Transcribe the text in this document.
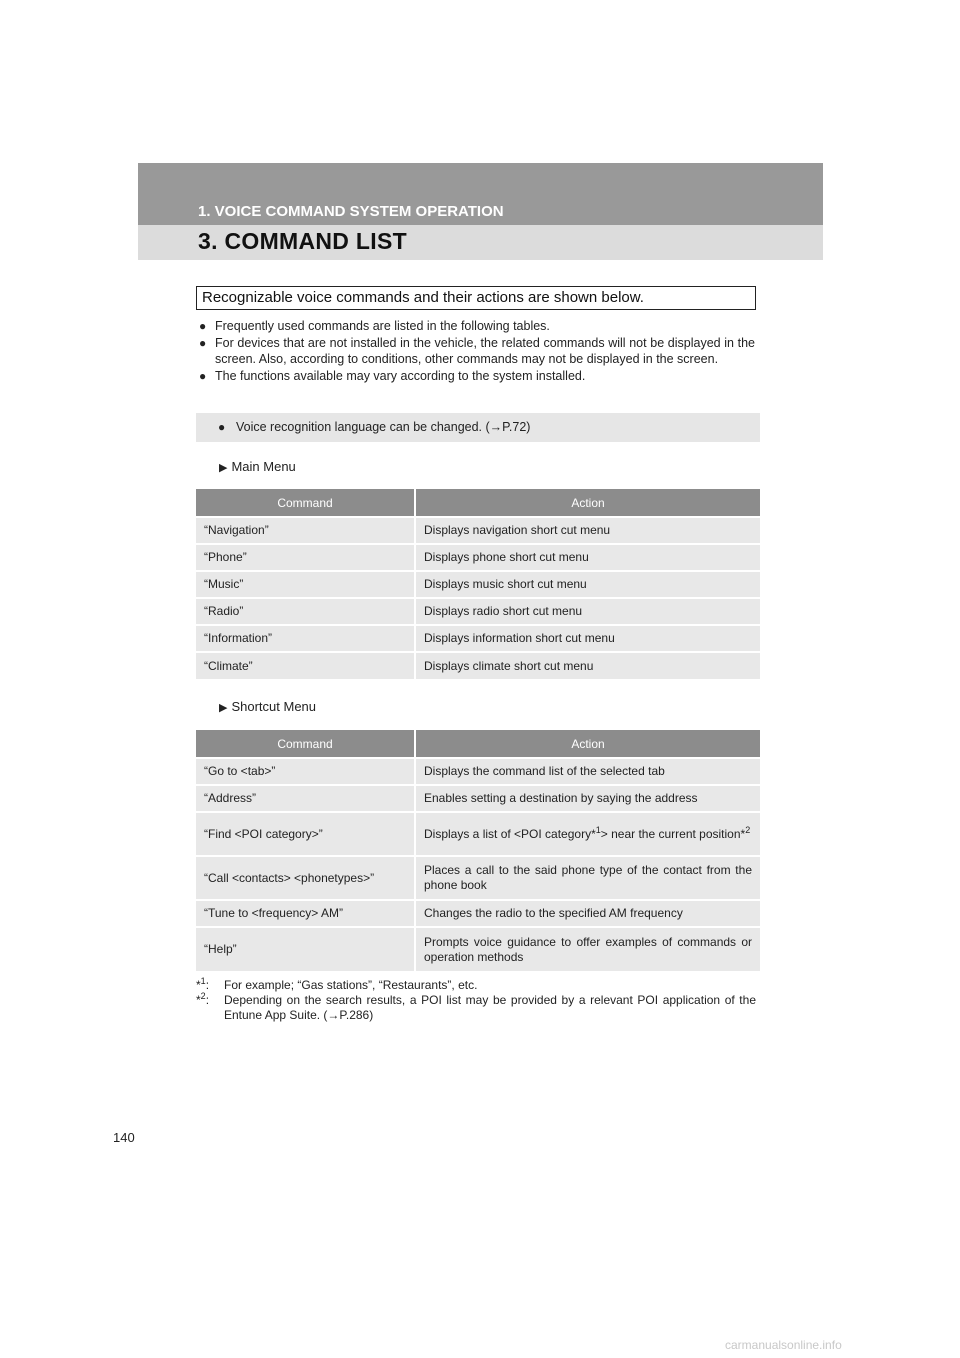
1. VOICE COMMAND SYSTEM OPERATION
3. COMMAND LIST
Recognizable voice commands and their actions are shown below.
● Frequently used commands are listed in the following tables.
● For devices that are not installed in the vehicle, the related commands will not be displayed in the screen. Also, according to conditions, other commands may not be displayed in the screen.
● The functions available may vary according to the system installed.
● Voice recognition language can be changed. (→P.72)
▶ Main Menu
Command	Action
“Navigation”	Displays navigation short cut menu
“Phone”	Displays phone short cut menu
“Music”	Displays music short cut menu
“Radio”	Displays radio short cut menu
“Information”	Displays information short cut menu
“Climate”	Displays climate short cut menu
▶ Shortcut Menu
Command	Action
“Go to <tab>”	Displays the command list of the selected tab
“Address”	Enables setting a destination by saying the address
“Find <POI category>”	Displays a list of <POI category*$^1$> near the current position*$^2$
“Call <contacts> <phonetypes>”	Places a call to the said phone type of the contact from the phone book
“Tune to <frequency> AM”	Changes the radio to the specified AM frequency
“Help”	Prompts voice guidance to offer examples of commands or operation methods
*$^1$: For example; “Gas stations”, “Restaurants”, etc.
*$^2$: Depending on the search results, a POI list may be provided by a relevant POI application of the Entune App Suite. (→P.286)
140
carmanualsonline.info
